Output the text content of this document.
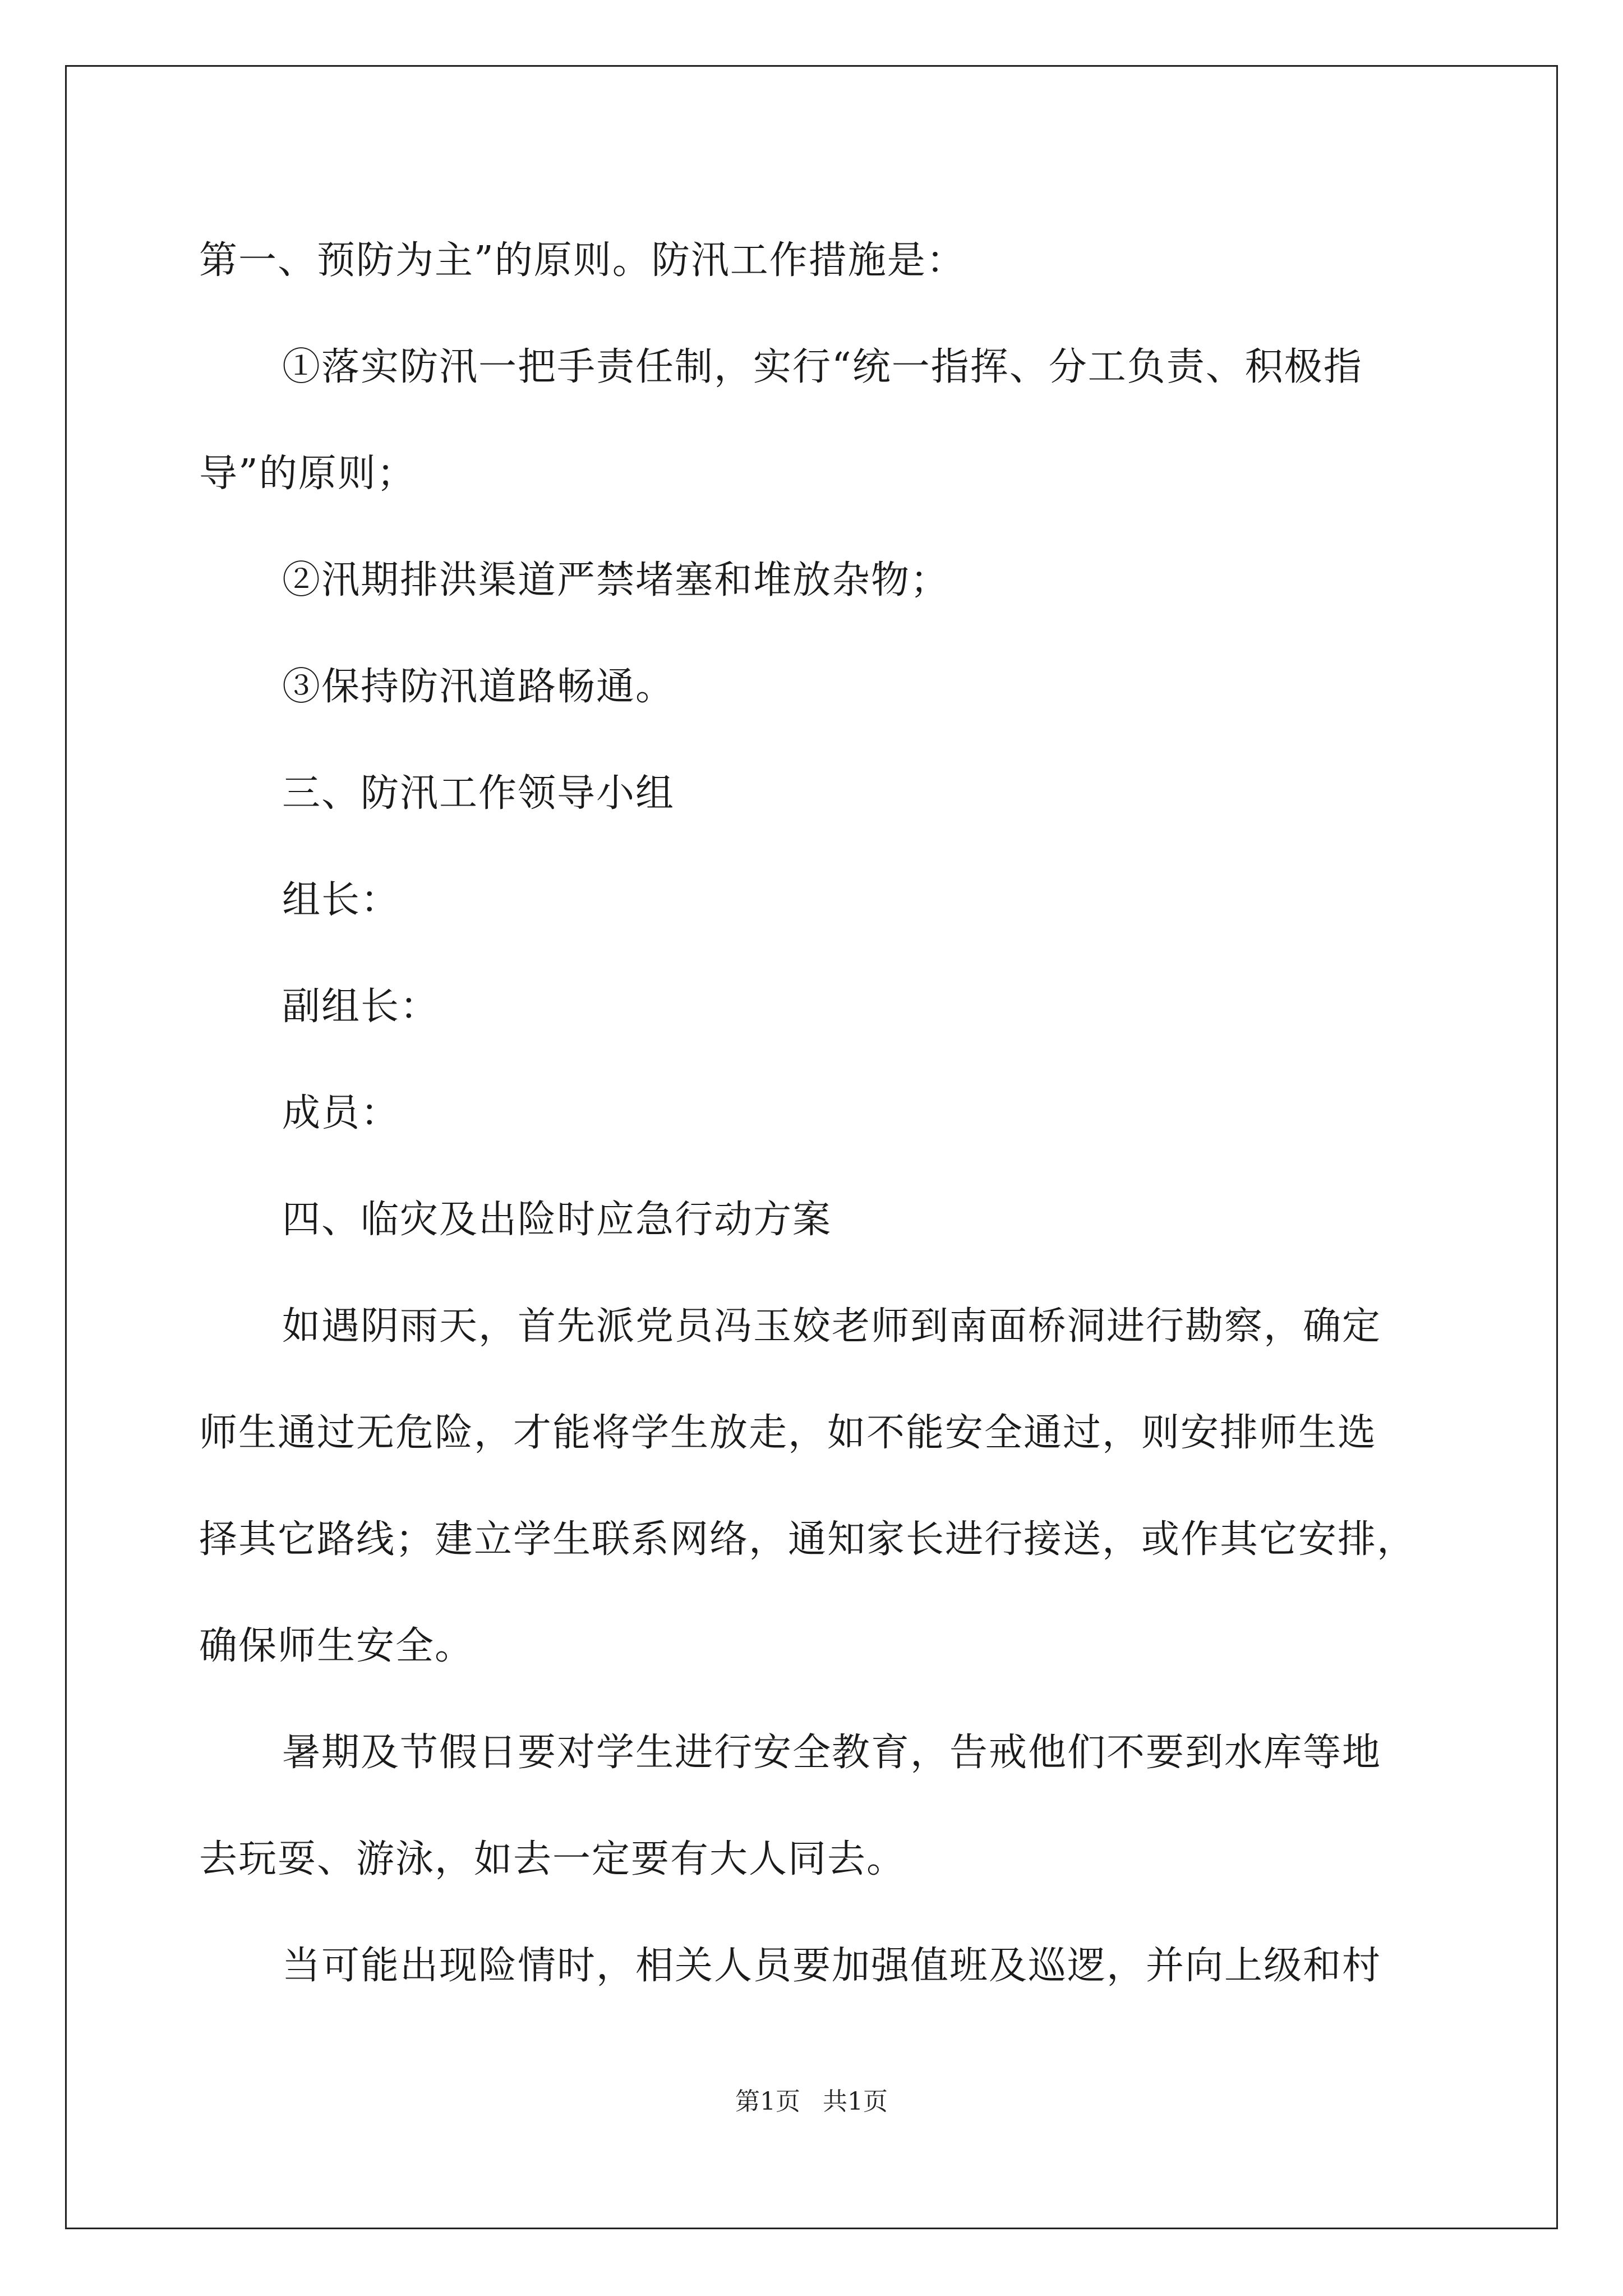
第一、预防为主”的原则。防汛工作措施是：
①落实防汛一把手责任制，实行“统一指挥、分工负责、积极指
导”的原则；
②汛期排洪渠道严禁堵塞和堆放杂物；
③保持防汛道路畅通。
三、防汛工作领导小组
组长：
副组长：
成员：
四、临灾及出险时应急行动方案
如遇阴雨天，首先派党员冯玉姣老师到南面桥洞进行勘察，确定
师生通过无危险，才能将学生放走，如不能安全通过，则安排师生选
择其它路线；建立学生联系网络，通知家长进行接送，或作其它安排，
确保师生安全。
暑期及节假日要对学生进行安全教育，告戒他们不要到水库等地
去玩耍、游泳，如去一定要有大人同去。
当可能出现险情时，相关人员要加强值班及巡逻，并向上级和村
第1页 共1页
